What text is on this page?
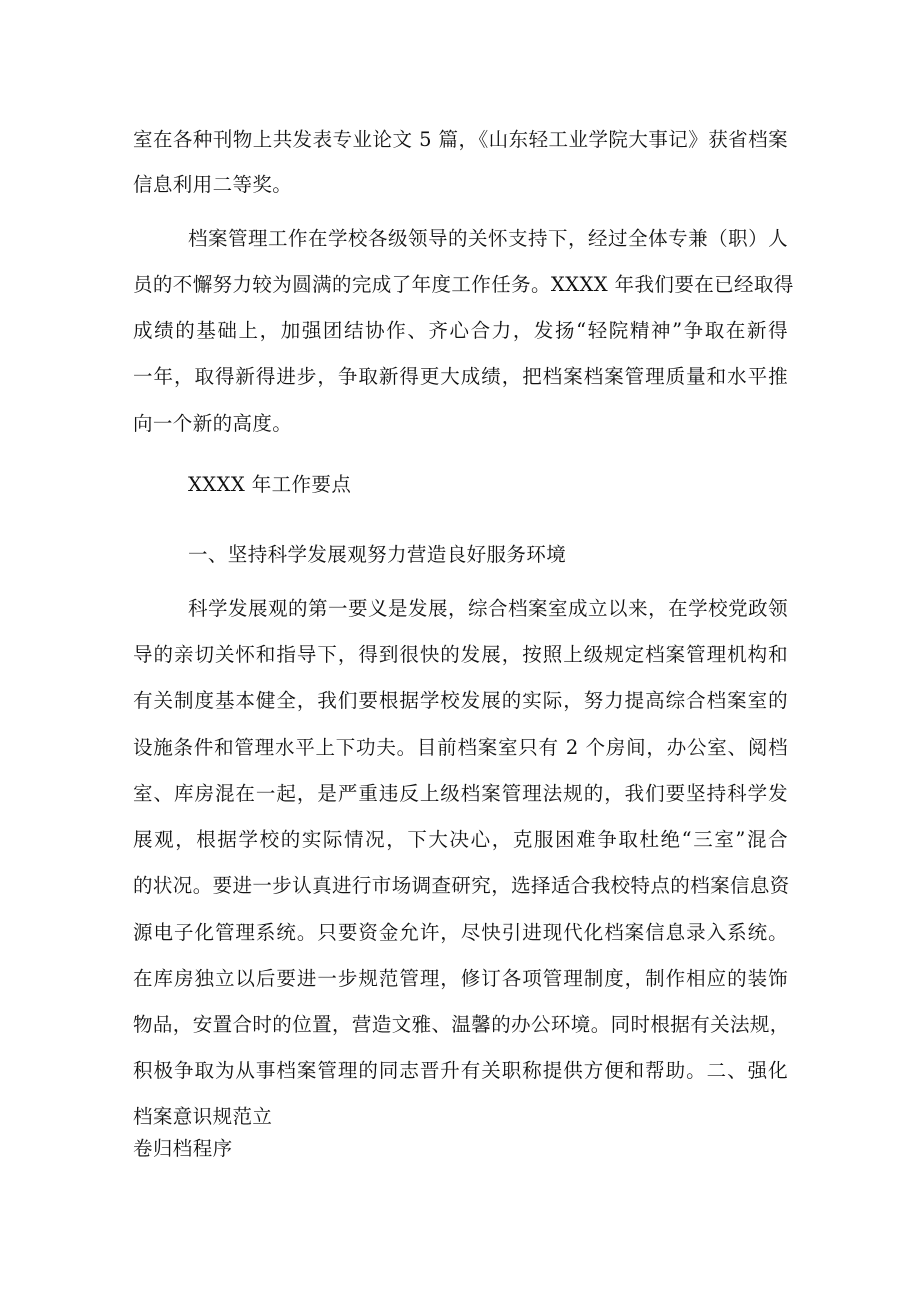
室在各种刊物上共发表专业论文 5 篇，《山东轻工业学院大事记》获省档案
信息利用二等奖。
档案管理工作在学校各级领导的关怀支持下，经过全体专兼（职）人
员的不懈努力较为圆满的完成了年度工作任务。XXXX 年我们要在已经取得
成绩的基础上，加强团结协作、齐心合力，发扬“轻院精神”争取在新得
一年，取得新得进步，争取新得更大成绩，把档案档案管理质量和水平推
向一个新的高度。
XXXX 年工作要点
一、坚持科学发展观努力营造良好服务环境
科学发展观的第一要义是发展，综合档案室成立以来，在学校党政领
导的亲切关怀和指导下，得到很快的发展，按照上级规定档案管理机构和
有关制度基本健全，我们要根据学校发展的实际，努力提高综合档案室的
设施条件和管理水平上下功夫。目前档案室只有 2 个房间，办公室、阅档
室、库房混在一起，是严重违反上级档案管理法规的，我们要坚持科学发
展观，根据学校的实际情况，下大决心，克服困难争取杜绝“三室”混合
的状况。要进一步认真进行市场调查研究，选择适合我校特点的档案信息资
源电子化管理系统。只要资金允许，尽快引进现代化档案信息录入系统。
在库房独立以后要进一步规范管理，修订各项管理制度，制作相应的装饰
物品，安置合时的位置，营造文雅、温馨的办公环境。同时根据有关法规，
积极争取为从事档案管理的同志晋升有关职称提供方便和帮助。二、强化
档案意识规范立
卷归档程序
